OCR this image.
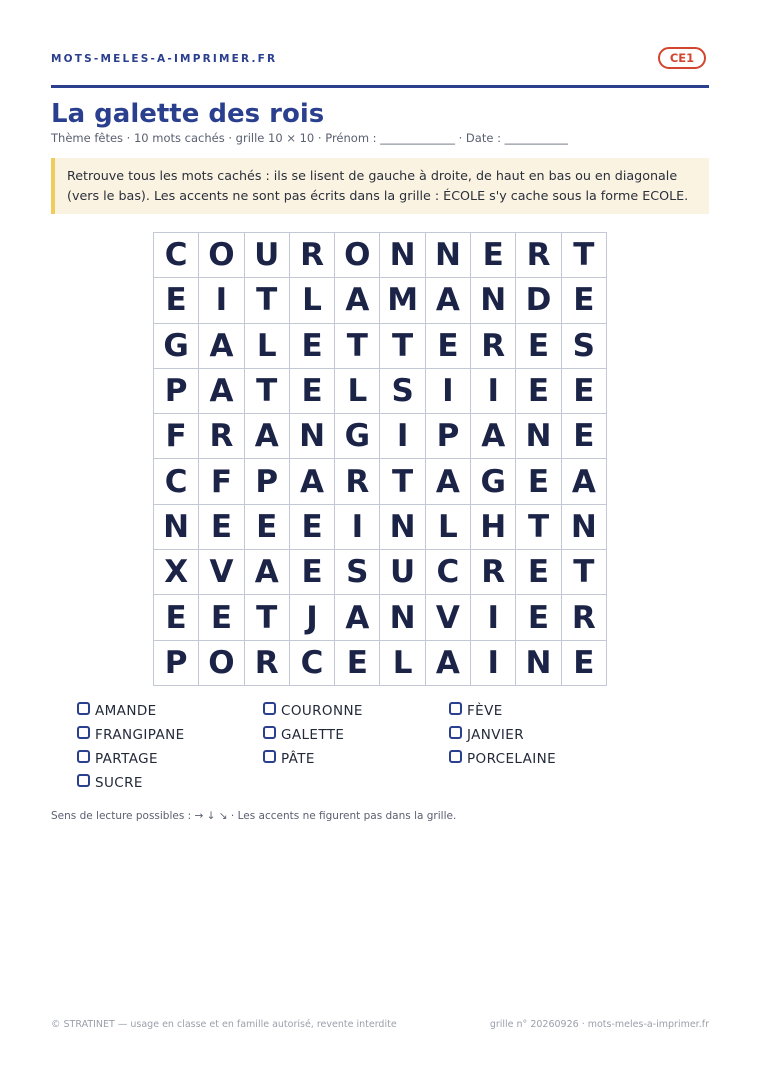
MOTS-MELES-A-IMPRIMER.FR	CE1
La galette des rois
Thème fêtes · 10 mots cachés · grille 10 × 10 · Prénom : _____________ · Date : ___________
Retrouve tous les mots cachés : ils se lisent de gauche à droite, de haut en bas ou en diagonale (vers le bas). Les accents ne sont pas écrits dans la grille : ÉCOLE s'y cache sous la forme ECOLE.
C O U R O N N E R T
E I T L A M A N D E
G A L E T T E R E S
P A T E L S I	I E E
F R A N G I P A N E
C F P A R T A G E A
N E E E I N L H T N
X V A E S U C R E T
E E T J A N V I E R
P O R C E L A I N E
AMANDE	COURONNE	FÈVE
FRANGIPANE	GALETTE	JANVIER
PARTAGE	PÂTE	PORCELAINE
SUCRE
Sens de lecture possibles : → ↓ ↘ · Les accents ne figurent pas dans la grille.
© STRATINET — usage en classe et en famille autorisé, revente interdite	grille n° 20260926 · mots-meles-a-imprimer.fr
